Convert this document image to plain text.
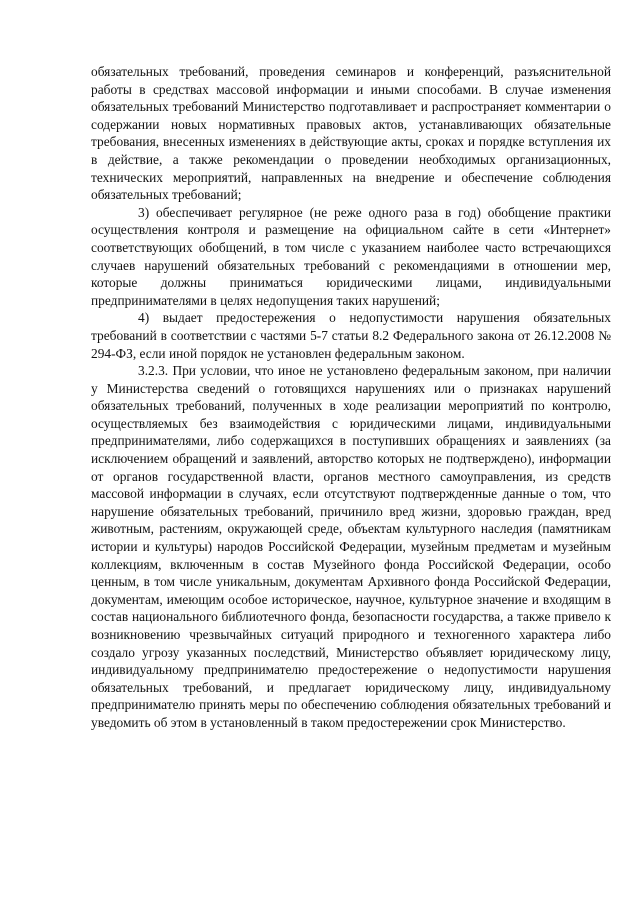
обязательных требований, проведения семинаров и конференций, разъяснительной работы в средствах массовой информации и иными способами. В случае изменения обязательных требований Министерство подготавливает и распространяет комментарии о содержании новых нормативных правовых актов, устанавливающих обязательные требования, внесенных изменениях в действующие акты, сроках и порядке вступления их в действие, а также рекомендации о проведении необходимых организационных, технических мероприятий, направленных на внедрение и обеспечение соблюдения обязательных требований;

3) обеспечивает регулярное (не реже одного раза в год) обобщение практики осуществления контроля и размещение на официальном сайте в сети «Интернет» соответствующих обобщений, в том числе с указанием наиболее часто встречающихся случаев нарушений обязательных требований с рекомендациями в отношении мер, которые должны приниматься юридическими лицами, индивидуальными предпринимателями в целях недопущения таких нарушений;

4) выдает предостережения о недопустимости нарушения обязательных требований в соответствии с частями 5-7 статьи 8.2 Федерального закона от 26.12.2008 № 294-ФЗ, если иной порядок не установлен федеральным законом.

3.2.3. При условии, что иное не установлено федеральным законом, при наличии у Министерства сведений о готовящихся нарушениях или о признаках нарушений обязательных требований, полученных в ходе реализации мероприятий по контролю, осуществляемых без взаимодействия с юридическими лицами, индивидуальными предпринимателями, либо содержащихся в поступивших обращениях и заявлениях (за исключением обращений и заявлений, авторство которых не подтверждено), информации от органов государственной власти, органов местного самоуправления, из средств массовой информации в случаях, если отсутствуют подтвержденные данные о том, что нарушение обязательных требований, причинило вред жизни, здоровью граждан, вред животным, растениям, окружающей среде, объектам культурного наследия (памятникам истории и культуры) народов Российской Федерации, музейным предметам и музейным коллекциям, включенным в состав Музейного фонда Российской Федерации, особо ценным, в том числе уникальным, документам Архивного фонда Российской Федерации, документам, имеющим особое историческое, научное, культурное значение и входящим в состав национального библиотечного фонда, безопасности государства, а также привело к возникновению чрезвычайных ситуаций природного и техногенного характера либо создало угрозу указанных последствий, Министерство объявляет юридическому лицу, индивидуальному предпринимателю предостережение о недопустимости нарушения обязательных требований, и предлагает юридическому лицу, индивидуальному предпринимателю принять меры по обеспечению соблюдения обязательных требований и уведомить об этом в установленный в таком предостережении срок Министерство.
